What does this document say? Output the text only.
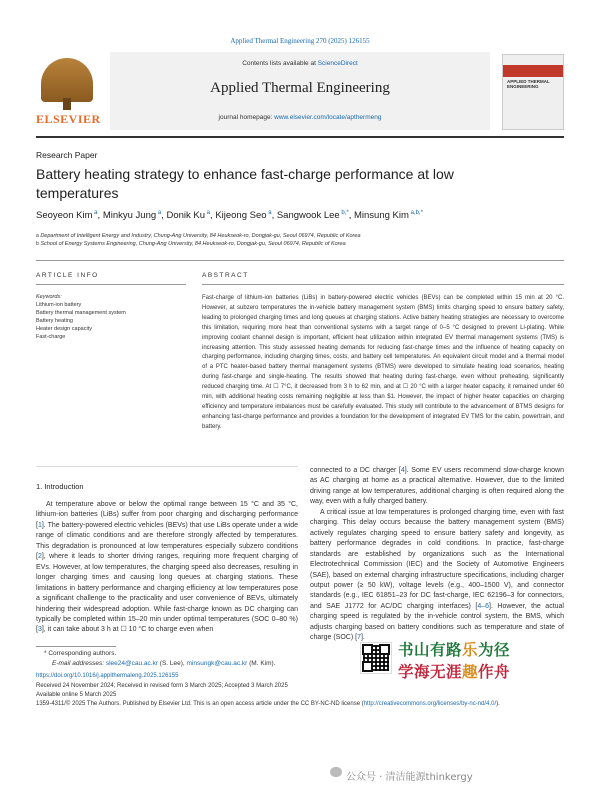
Applied Thermal Engineering 270 (2025) 126155
ELSEVIER
Contents lists available at ScienceDirect
Applied Thermal Engineering
journal homepage: www.elsevier.com/locate/apthermeng
APPLIED THERMAL ENGINEERING
Research Paper
Battery heating strategy to enhance fast-charge performance at low temperatures
Seoyeon Kim $^a$, Minkyu Jung $^a$, Donik Ku $^a$, Kijeong Seo $^a$, Sangwook Lee $^{b,*}$, Minsung Kim $^{a,b,*}$
a Department of Intelligent Energy and Industry, Chung-Ang University, 84 Heukseok-ro, Dongjak-gu, Seoul 06974, Republic of Korea
b School of Energy Systems Engineering, Chung-Ang University, 84 Heukseok-ro, Dongjak-gu, Seoul 06974, Republic of Korea
ARTICLE INFO	ABSTRACT
Keywords:
Lithium-ion battery
Battery thermal management system
Battery heating
Heater design capacity
Fast-charge
Fast-charge of lithium-ion batteries (LiBs) in battery-powered electric vehicles (BEVs) can be completed within 15 min at 20 °C. However, at subzero temperatures the in-vehicle battery management system (BMS) limits charging speed to ensure battery safety, leading to prolonged charging times and long queues at charging stations. Active battery heating strategies are necessary to overcome this limitation, requiring more heat than conventional systems with a target range of 0–5 °C designed to prevent Li-plating. While improving coolant channel design is important, efficient heat utilization within integrated EV thermal management systems (TMS) is increasing attention. This study assessed heating demands for reducing fast-charge times and the influence of heating capacity on charging performance, including charging times, costs, and battery cell temperatures. An equivalent circuit model and a thermal model of a PTC heater-based battery thermal management systems (BTMS) were developed to simulate heating load scenarios, heating during fast-charge and single-heating. The results showed that heating during fast-charge, even without preheating, significantly reduced charging time. At ☐ 7°C, it decreased from 3 h to 62 min, and at ☐ 20 °C with a larger heater capacity, it remained under 60 min, with additional heating costs remaining negligible at less than $1. However, the impact of higher heater capacities on charging efficiency and temperature imbalances must be carefully evaluated. This study will contribute to the advancement of BTMS designs for enhancing fast-charge performance and provides a foundation for the development of integrated EV TMS for the cabin, powertrain, and battery.
1. Introduction
At temperature above or below the optimal range between 15 °C and 35 °C, lithium-ion batteries (LiBs) suffer from poor charging and discharging performance [1]. The battery-powered electric vehicles (BEVs) that use LiBs operate under a wide range of climatic conditions and are therefore strongly affected by temperatures. This degradation is pronounced at low temperatures especially subzero conditions [2], where it leads to shorter driving ranges, requiring more frequent charging of EVs. However, at low temperatures, the charging speed also decreases, resulting in longer charging times and causing long queues at charging stations. These limitations in battery performance and charging efficiency at low temperatures pose a significant challenge to the practicality and user convenience of BEVs, ultimately hindering their widespread adoption. While fast-charge known as DC charging can typically be completed within 15–20 min under optimal temperatures (SOC 0–80 %) [3], it can take about 3 h at ☐ 10 °C to charge even when

connected to a DC charger [4]. Some EV users recommend slow-charge known as AC charging at home as a practical alternative. However, due to the limited driving range at low temperatures, additional charging is often required along the way, even with a fully charged battery.

A critical issue at low temperatures is prolonged charging time, even with fast charging. This delay occurs because the battery management system (BMS) actively regulates charging speed to ensure battery safety and longevity, as battery performance degrades in cold conditions. In practice, fast-charge standards are established by organizations such as the International Electrotechnical Commission (IEC) and the Society of Automotive Engineers (SAE), based on external charging infrastructure specifications, including charger output power (≥ 50 kW), voltage levels (e.g., 400–1500 V), and connector standards (e.g., IEC 61851–23 for DC fast-charge, IEC 62196–3 for connectors, and SAE J1772 for AC/DC charging interfaces) [4–6]. However, the actual charging speed is regulated by the in-vehicle control system, the BMS, which adjusts charging based on battery conditions such as temperature and state of charge (SOC) [7].

* Corresponding authors.
E-mail addresses: slee24@cau.ac.kr (S. Lee), minsungk@cau.ac.kr (M. Kim).
https://doi.org/10.1016/j.applthermaleng.2025.126155
Received 24 November 2024; Received in revised form 3 March 2025; Accepted 3 March 2025
Available online 5 March 2025
1359-4311/© 2025 The Authors. Published by Elsevier Ltd. This is an open access article under the CC BY-NC-ND license (http://creativecommons.org/licenses/by-nc-nd/4.0/).
书山有路乐为径
学海无涯趣作舟
公众号 · 清洁能源thinkergy
